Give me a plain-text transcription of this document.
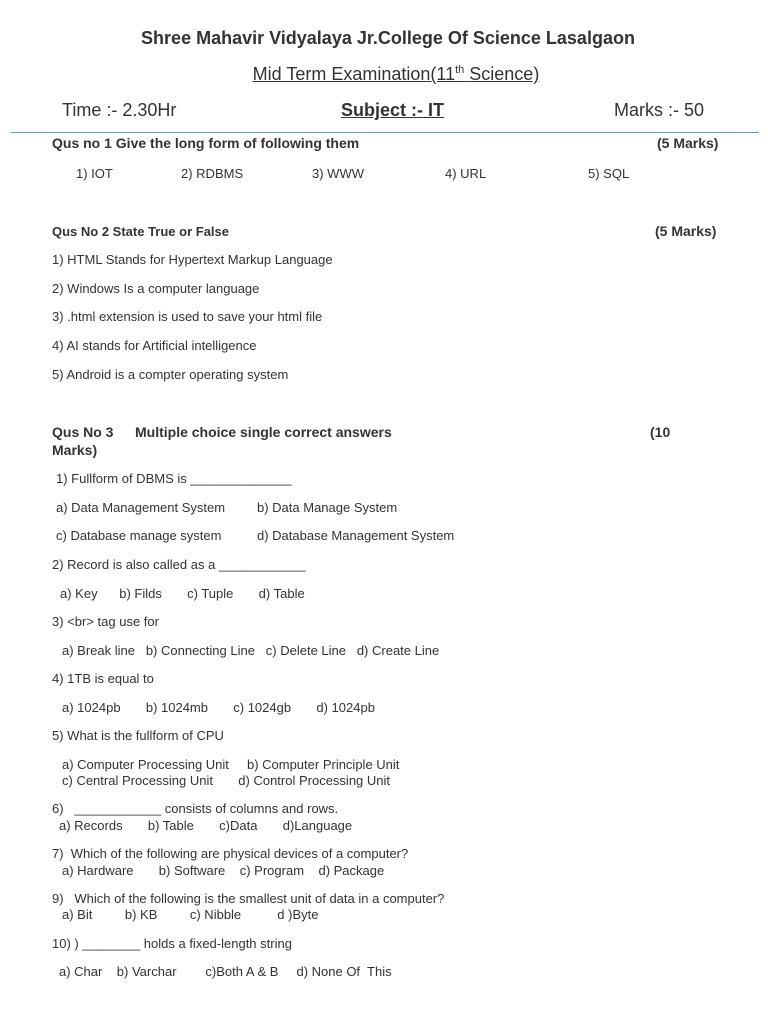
Shree Mahavir Vidyalaya Jr.College Of Science Lasalgaon
Mid Term Examination(11th Science)
Time :- 2.30Hr	Subject :- IT	Marks :- 50
Qus no 1 Give the long form of following them	(5 Marks)
1) IOT	2) RDBMS	3) WWW	4) URL	5) SQL
Qus No 2 State True or False	(5 Marks)
1) HTML Stands for Hypertext Markup Language
2) Windows Is a computer language
3) .html extension is used to save your html file
4) AI stands for Artificial intelligence
5) Android is a compter operating system
Qus No 3 Multiple choice single correct answers	(10
Marks)
1) Fullform of DBMS is ______________
a) Data Management System b) Data Manage System
c) Database manage system	d) Database Management System
2) Record is also called as a ____________
a) Key      b) Filds       c) Tuple       d) Table
3) <br> tag use for
a) Break line   b) Connecting Line   c) Delete Line   d) Create Line
4) 1TB is equal to
a) 1024pb       b) 1024mb       c) 1024gb       d) 1024pb
5) What is the fullform of CPU
a) Computer Processing Unit     b) Computer Principle Unit
c) Central Processing Unit       d) Control Processing Unit
6)   ____________ consists of columns and rows.
a) Records       b) Table       c)Data       d)Language
7)  Which of the following are physical devices of a computer?
a) Hardware       b) Software    c) Program    d) Package
9)   Which of the following is the smallest unit of data in a computer?
a) Bit         b) KB         c) Nibble          d )Byte
10) ) ________ holds a fixed-length string
a) Char    b) Varchar        c)Both A & B     d) None Of  This
